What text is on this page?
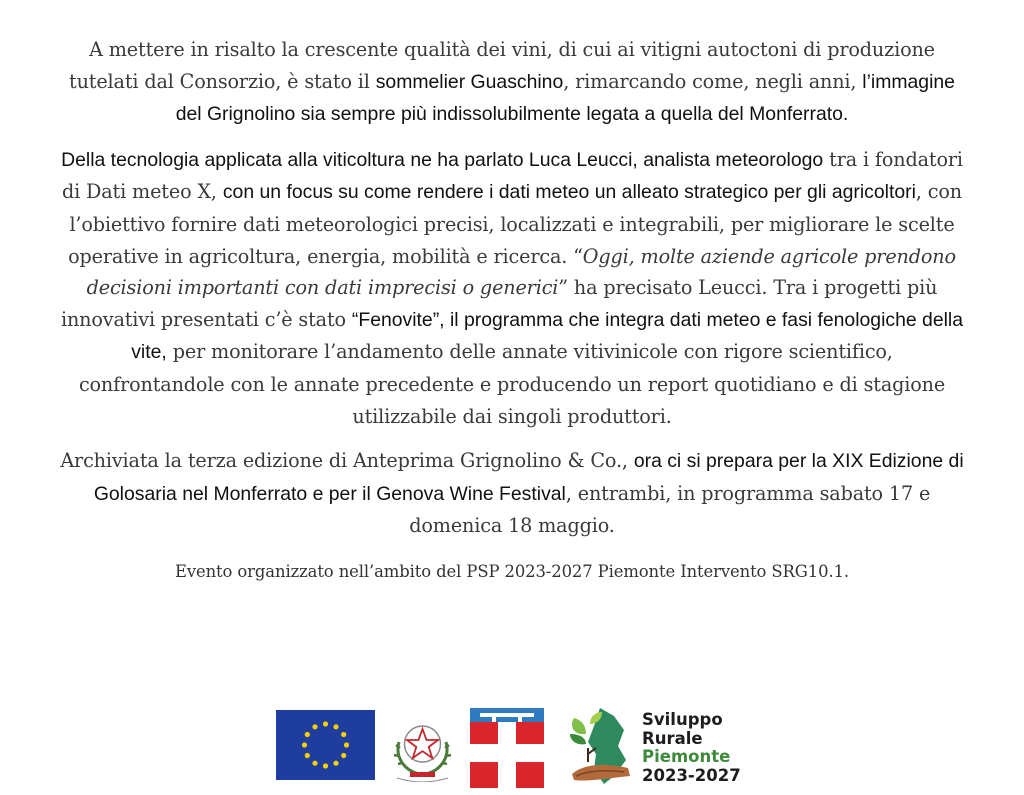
A mettere in risalto la crescente qualità dei vini, di cui ai vitigni autoctoni di produzione tutelati dal Consorzio, è stato il sommelier Guaschino, rimarcando come, negli anni, l’immagine del Grignolino sia sempre più indissolubilmente legata a quella del Monferrato.

Della tecnologia applicata alla viticoltura ne ha parlato Luca Leucci, analista meteorologo tra i fondatori di Dati meteo X, con un focus su come rendere i dati meteo un alleato strategico per gli agricoltori, con l’obiettivo fornire dati meteorologici precisi, localizzati e integrabili, per migliorare le scelte operative in agricoltura, energia, mobilità e ricerca. “Oggi, molte aziende agricole prendono decisioni importanti con dati imprecisi o generici” ha precisato Leucci. Tra i progetti più innovativi presentati c’è stato “Fenovite”, il programma che integra dati meteo e fasi fenologiche della vite, per monitorare l’andamento delle annate vitivinicole con rigore scientifico, confrontandole con le annate precedente e producendo un report quotidiano e di stagione utilizzabile dai singoli produttori.

Archiviata la terza edizione di Anteprima Grignolino & Co., ora ci si prepara per la XIX Edizione di Golosaria nel Monferrato e per il Genova Wine Festival, entrambi, in programma sabato 17 e domenica 18 maggio.

Evento organizzato nell’ambito del PSP 2023-2027 Piemonte Intervento SRG10.1.

Sviluppo
Rurale
Piemonte
2023-2027
